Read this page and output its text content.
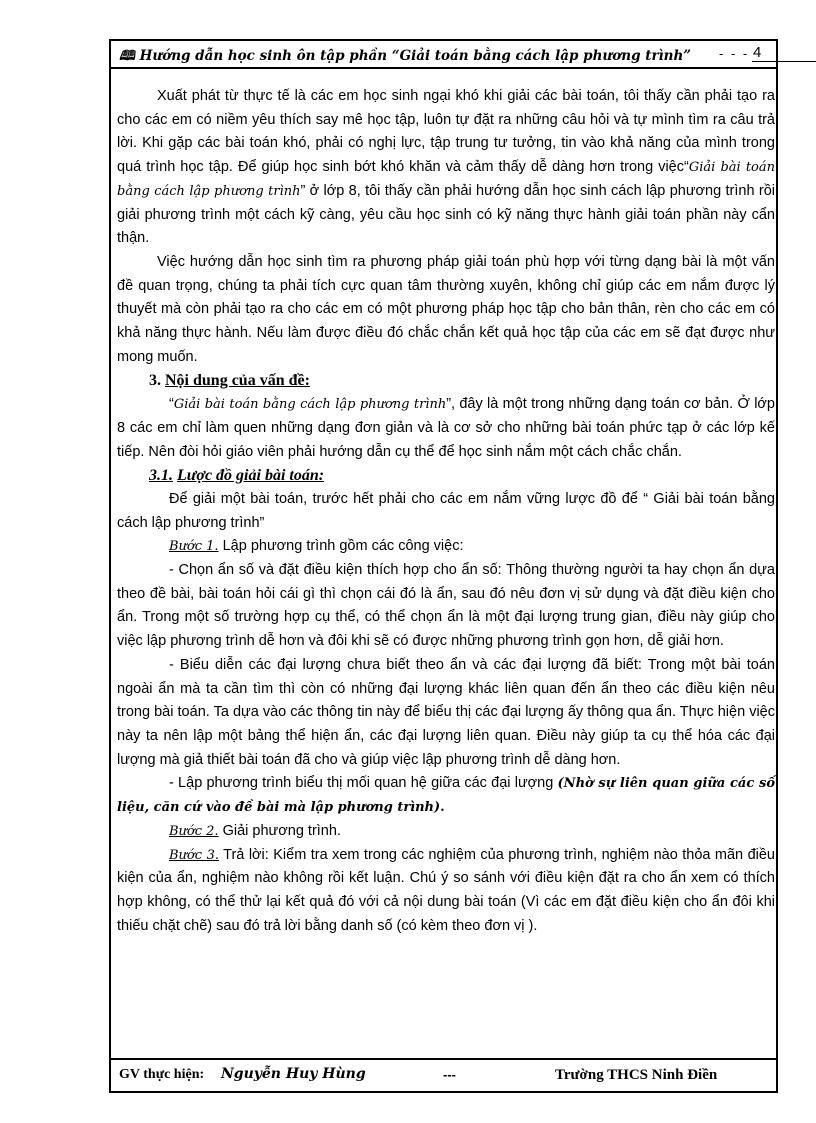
🕮 Hướng dẫn học sinh ôn tập phần “Giải toán bằng cách lập phương trình” - - - 4

Xuất phát từ thực tế là các em học sinh ngại khó khi giải các bài toán, tôi thấy cần phải tạo ra cho các em có niềm yêu thích say mê học tập, luôn tự đặt ra những câu hỏi và tự mình tìm ra câu trả lời. Khi gặp các bài toán khó, phải có nghị lực, tập trung tư tưởng, tin vào khả năng của mình trong quá trình học tập. Để giúp học sinh bớt khó khăn và cảm thấy dễ dàng hơn trong việc“Giải bài toán bằng cách lập phương trình” ở lớp 8, tôi thấy cần phải hướng dẫn học sinh cách lập phương trình rồi giải phương trình một cách kỹ càng, yêu cầu học sinh có kỹ năng thực hành giải toán phần này cẩn thận.

Việc hướng dẫn học sinh tìm ra phương pháp giải toán phù hợp với từng dạng bài là một vấn đề quan trọng, chúng ta phải tích cực quan tâm thường xuyên, không chỉ giúp các em nắm được lý thuyết mà còn phải tạo ra cho các em có một phương pháp học tập cho bản thân, rèn cho các em có khả năng thực hành. Nếu làm được điều đó chắc chắn kết quả học tập của các em sẽ đạt được như mong muốn.

3. Nội dung của vấn đề:

“Giải bài toán bằng cách lập phương trình”, đây là một trong những dạng toán cơ bản. Ở lớp 8 các em chỉ làm quen những dạng đơn giản và là cơ sở cho những bài toán phức tạp ở các lớp kế tiếp. Nên đòi hỏi giáo viên phải hướng dẫn cụ thể để học sinh nắm một cách chắc chắn.

3.1. Lược đồ giải bài toán:

Để giải một bài toán, trước hết phải cho các em nắm vững lược đồ để “ Giải bài toán bằng cách lập phương trình”

Bước 1. Lập phương trình gồm các công việc:

- Chọn ẩn số và đặt điều kiện thích hợp cho ẩn số: Thông thường người ta hay chọn ẩn dựa theo đề bài, bài toán hỏi cái gì thì chọn cái đó là ẩn, sau đó nêu đơn vị sử dụng và đặt điều kiện cho ẩn. Trong một số trường hợp cụ thể, có thể chọn ẩn là một đại lượng trung gian, điều này giúp cho việc lập phương trình dễ hơn và đôi khi sẽ có được những phương trình gọn hơn, dễ giải hơn.

- Biểu diễn các đại lượng chưa biết theo ẩn và các đại lượng đã biết: Trong một bài toán ngoài ẩn mà ta cần tìm thì còn có những đại lượng khác liên quan đến ẩn theo các điều kiện nêu trong bài toán. Ta dựa vào các thông tin này để biểu thị các đại lượng ấy thông qua ẩn. Thực hiện việc này ta nên lập một bảng thể hiện ẩn, các đại lượng liên quan. Điều này giúp ta cụ thể hóa các đại lượng mà giả thiết bài toán đã cho và giúp việc lập phương trình dễ dàng hơn.

- Lập phương trình biểu thị mối quan hệ giữa các đại lượng (Nhờ sự liên quan giữa các số liệu, căn cứ vào đề bài mà lập phương trình).

Bước 2. Giải phương trình.

Bước 3. Trả lời: Kiểm tra xem trong các nghiệm của phương trình, nghiệm nào thỏa mãn điều kiện của ẩn, nghiệm nào không rồi kết luận. Chú ý so sánh với điều kiện đặt ra cho ẩn xem có thích hợp không, có thể thử lại kết quả đó với cả nội dung bài toán (Vì các em đặt điều kiện cho ẩn đôi khi thiếu chặt chẽ) sau đó trả lời bằng danh số (có kèm theo đơn vị ).

GV thực hiện: Nguyễn Huy Hùng	---	Trường THCS Ninh Điền
